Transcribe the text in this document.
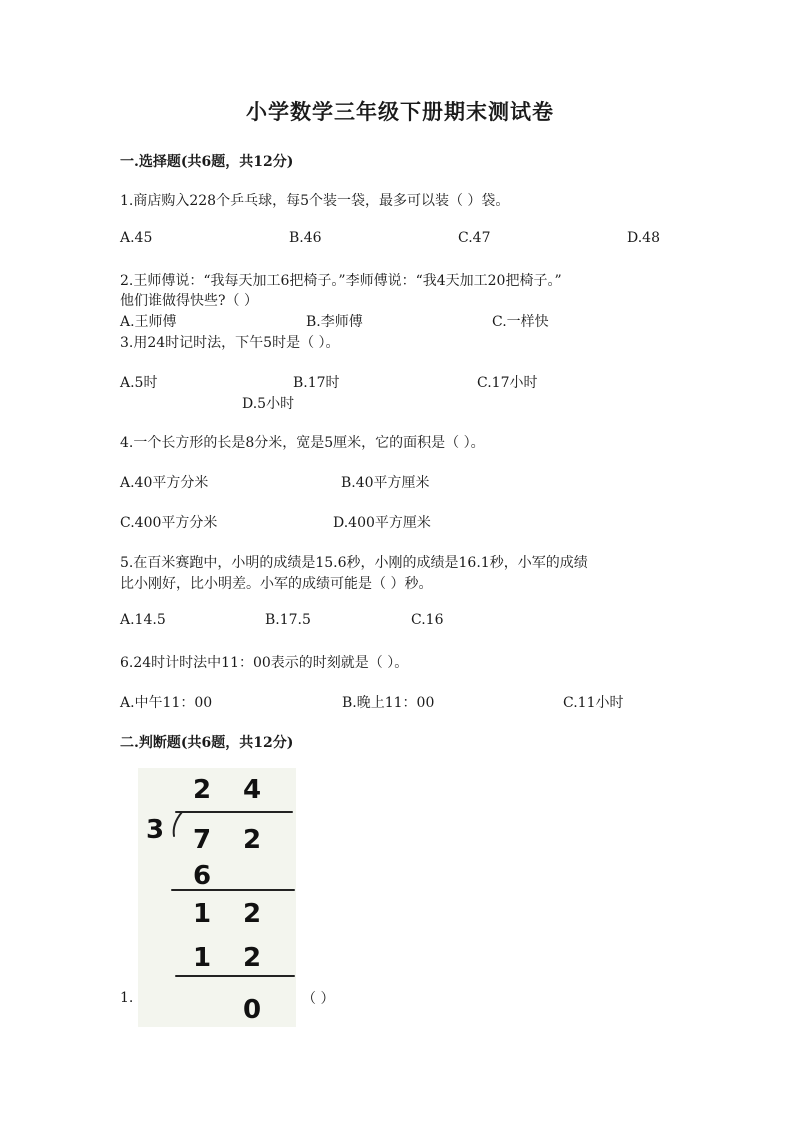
小学数学三年级下册期末测试卷
一.选择题(共6题，共12分)
1.商店购入228个乒乓球，每5个装一袋，最多可以装（ ）袋。
A.45	B.46	C.47	D.48
2.王师傅说：“我每天加工6把椅子。”李师傅说：“我4天加工20把椅子。”
他们谁做得快些?（ ）
A.王师傅	B.李师傅	C.一样快
3.用24时记时法，下午5时是（ ）。
A.5时	B.17时	C.17小时
D.5小时
4.一个长方形的长是8分米，宽是5厘米，它的面积是（ ）。
A.40平方分米	B.40平方厘米
C.400平方分米	D.400平方厘米
5.在百米赛跑中，小明的成绩是15.6秒，小刚的成绩是16.1秒，小军的成绩
比小刚好，比小明差。小军的成绩可能是（ ）秒。
A.14.5	B.17.5	C.16
6.24时计时法中11：00表示的时刻就是（ ）。
A.中午11：00	B.晚上11：00	C.11小时
二.判断题(共6题，共12分)
1.
2 4
3 7 2
6
1 2
1 2
0	（ ）
